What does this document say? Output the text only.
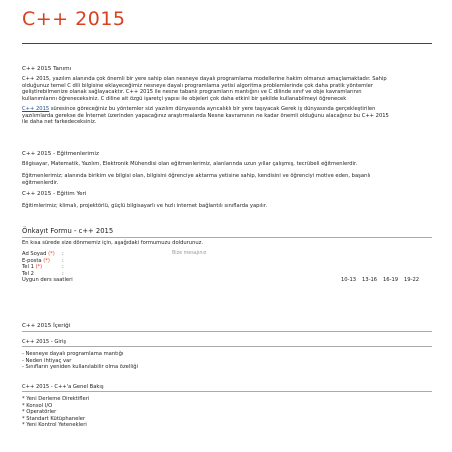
C++ 2015
C++ 2015 Tanımı
C++ 2015, yazılım alanında çok önemli bir yere sahip olan nesneye dayalı programlama modellerine hakim olmanızı amaçlamaktadır. Sahip
olduğunuz temel C dili bilgisine eklayeceğimiz nesneye dayalı programlama yetisi algoritma problemlerinde çok daha pratik yöntemler
geliştirebilmenize olanak sağlayacaktır. C++ 2015 ile nesne tabanlı programların mantığını ve C dilinde sınıf ve obje kavramlarının
kullanımlarını öğreneceksiniz. C diline ait özgü işaretçi yapısı ile objeleri çok daha etkinl bir şekilde kullanabilmeyi öğrenecek
C++ 2015 süresince göreceğiniz bu yöntemler sizi yazılım dünyasında ayrıcalıklı bir yere taşıyacak Gerek iş dünyasında gerçekleştirilen
yazılımlarda gerekse de İnternet üzerinden yapacağınız araştırmalarda Nesne kavramının ne kadar önemli olduğunu alacağınız bu C++ 2015
ile daha net farkedeceksiniz.
C++ 2015 - Eğitmenlerimiz
Bilgisayar, Matematik, Yazılım, Elektronik Mühendisi olan eğitmenlerimiz, alanlarında uzun yıllar çalışmış, tecrübeli eğitmenlerdir.
Eğitmenlerimiz; alanında birikim ve bilgisi olan, bilgisini öğrenciye aktarma yetisine sahip, kendisini ve öğrenciyi motive eden, başarılı
eğitmenlerdir.
C++ 2015 - Eğitim Yeri
Eğitimlerimiz; klimalı, projektörlü, güçlü bilgisayarlı ve hızlı internet bağlantılı sınıflarda yapılır.
Önkayıt Formu - c++ 2015
En kısa sürede size dönmemiz için, aşağıdaki formumuzu doldurunuz.
Ad Soyad (*) :
E-posta (*) :
Tel 1 (*)	:
Tel 2	:
Uygun ders saatleri
Bize mesajınız
10-13 13-16 16-19 19-22
C++ 2015 İçeriği
C++ 2015 - Giriş
- Nesneye dayalı programlama mantığı
- Neden ihtiyaç var
- Sınıfların yeniden kullanılabilir olma özelliği
C++ 2015 - C++'a Genel Bakış
* Yeni Derleme Direktifleri
* Konsol I/O
* Operatörler
* Standart Kütüphaneler
* Yeni Kontrol Yetenekleri
